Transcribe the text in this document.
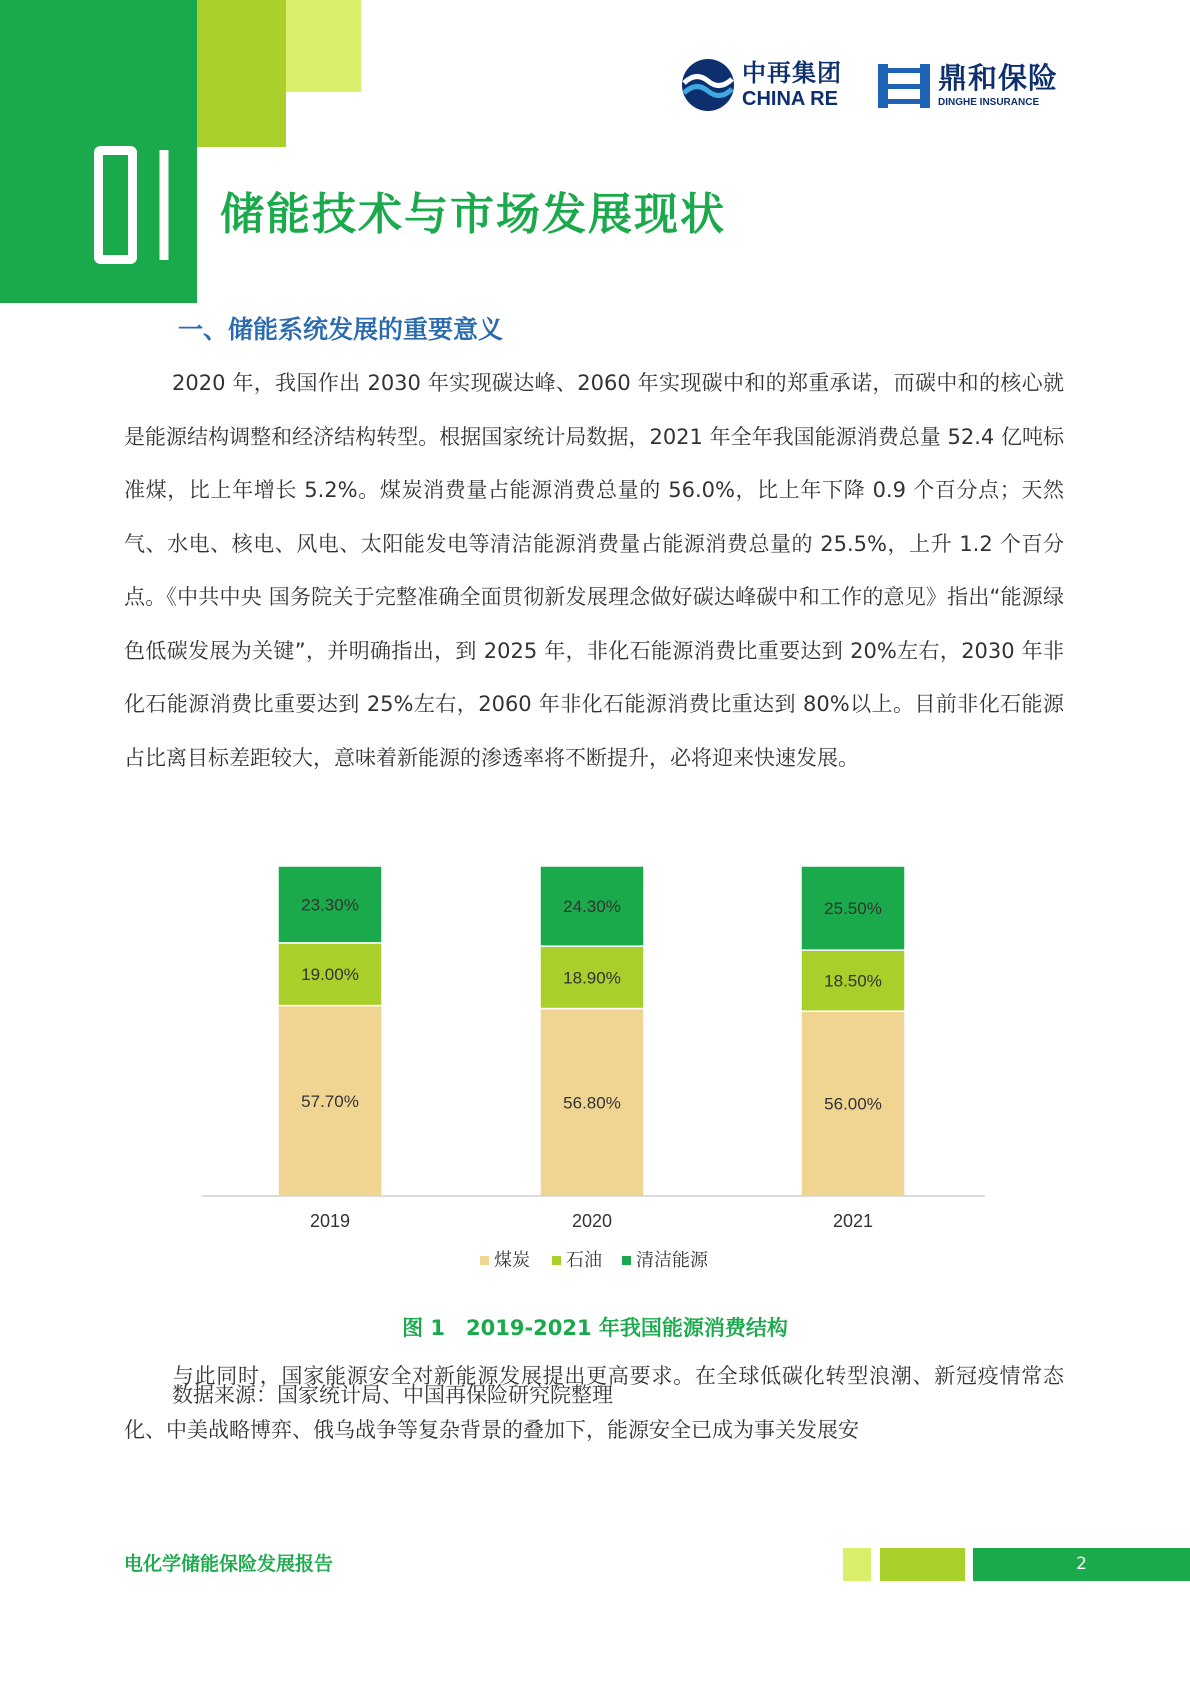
01
储能技术与市场发展现状
中再集团
CHINA RE
鼎和保险
DINGHE INSURANCE
一、储能系统发展的重要意义

2020 年，我国作出 2030 年实现碳达峰、2060 年实现碳中和的郑重承诺，而碳中和的核心就是能源结构调整和经济结构转型。根据国家统计局数据，2021 年全年我国能源消费总量 52.4 亿吨标准煤，比上年增长 5.2%。煤炭消费量占能源消费总量的 56.0%，比上年下降 0.9 个百分点；天然气、水电、核电、风电、太阳能发电等清洁能源消费量占能源消费总量的 25.5%，上升 1.2 个百分点。《中共中央 国务院关于完整准确全面贯彻新发展理念做好碳达峰碳中和工作的意见》指出“能源绿色低碳发展为关键”，并明确指出，到 2025 年，非化石能源消费比重要达到 20%左右，2030 年非化石能源消费比重要达到 25%左右，2060 年非化石能源消费比重达到 80%以上。目前非化石能源占比离目标差距较大，意味着新能源的渗透率将不断提升，必将迎来快速发展。

57.70%
19.00%
23.30%
2019
56.80%
18.90%
24.30%
2020
56.00%
18.50%
25.50%
2021
煤炭 石油 清洁能源

图 1　2019-2021 年我国能源消费结构

数据来源：国家统计局、中国再保险研究院整理

与此同时，国家能源安全对新能源发展提出更高要求。在全球低碳化转型浪潮、新冠疫情常态化、中美战略博弈、俄乌战争等复杂背景的叠加下，能源安全已成为事关发展安

电化学储能保险发展报告	2
